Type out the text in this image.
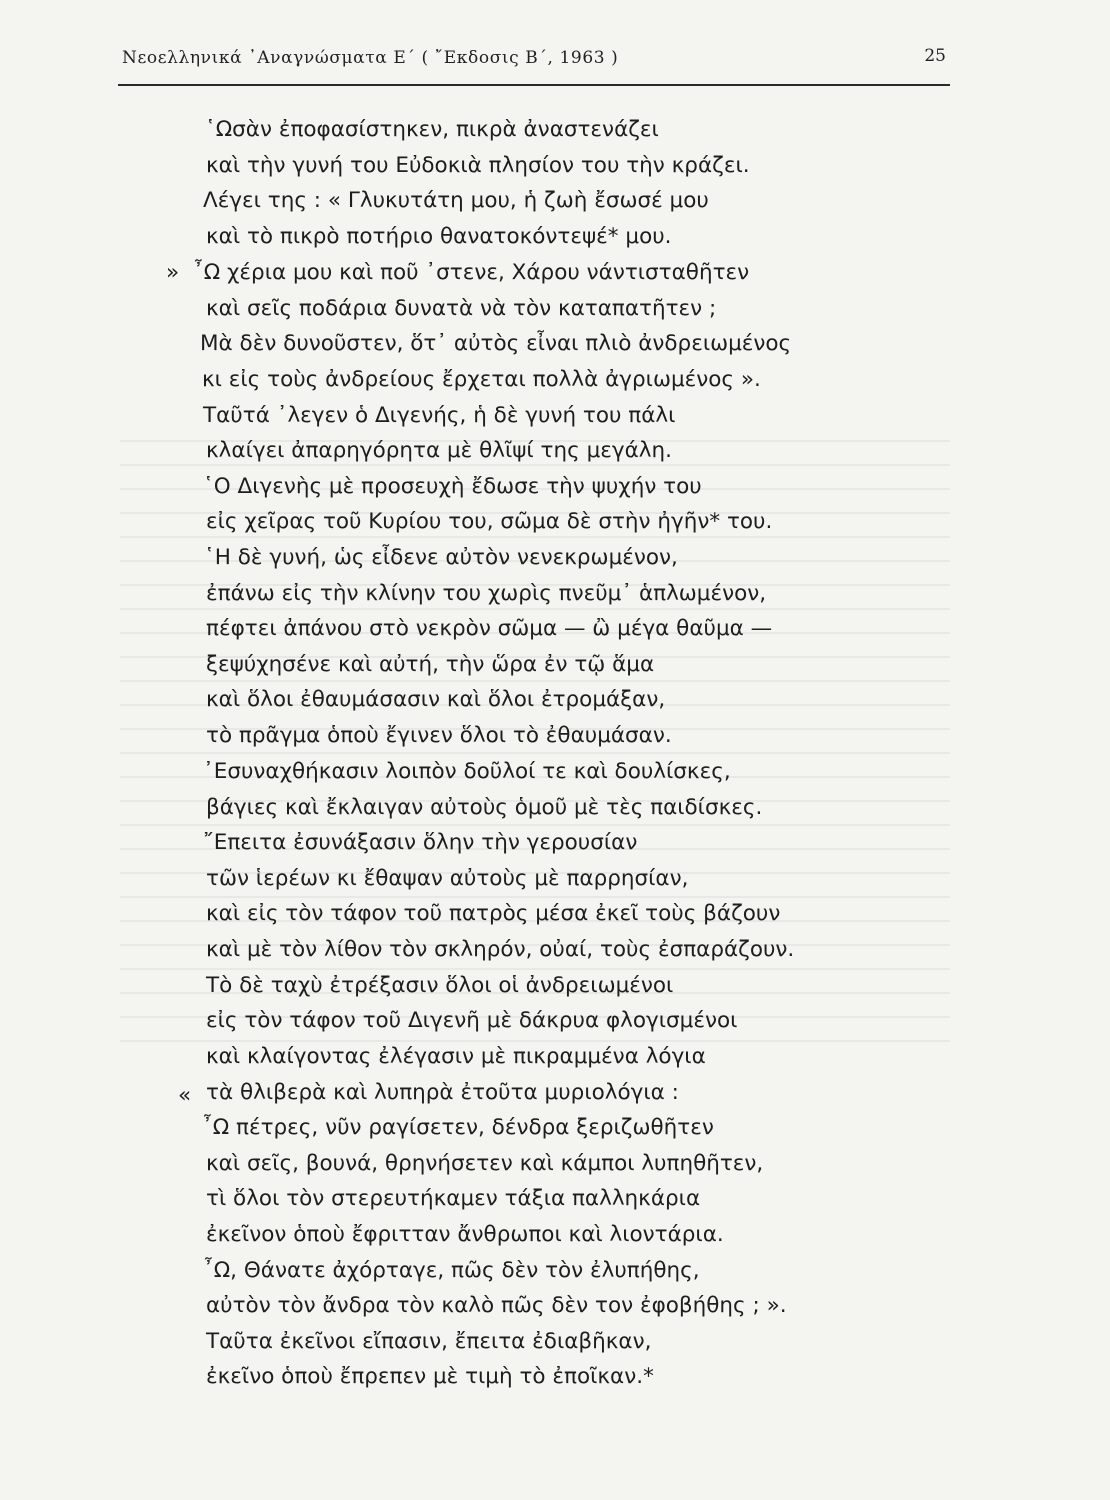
Νεοελληνικά ᾿Αναγνώσματα Ε΄ ( ῎Εκδοσις Β΄, 1963 )	25
»
«
῾Ωσὰν ἐποφασίστηκεν, πικρὰ ἀναστενάζει
καὶ τὴν γυνή του Εὐδοκιὰ πλησίον του τὴν κράζει.
Λέγει της : « Γλυκυτάτη μου, ἡ ζωὴ ἔσωσέ μου
καὶ τὸ πικρὸ ποτήριο θανατοκόντεψέ* μου.
῏Ω χέρια μου καὶ ποῦ ᾿στενε, Χάρου νάντισταθῆτεν
καὶ σεῖς ποδάρια δυνατὰ νὰ τὸν καταπατῆτεν ;
Μὰ δὲν δυνοῦστεν, ὅτ᾿ αὐτὸς εἶναι πλιὸ ἀνδρειωμένος
κι εἰς τοὺς ἀνδρείους ἔρχεται πολλὰ ἀγριωμένος ».
Ταῦτά ᾿λεγεν ὁ Διγενής, ἡ δὲ γυνή του πάλι
κλαίγει ἀπαρηγόρητα μὲ θλῖψί της μεγάλη.
῾Ο Διγενὴς μὲ προσευχὴ ἔδωσε τὴν ψυχήν του
εἰς χεῖρας τοῦ Κυρίου του, σῶμα δὲ στὴν ἠγῆν* του.
῾Η δὲ γυνή, ὡς εἶδενε αὐτὸν νενεκρωμένον,
ἐπάνω εἰς τὴν κλίνην του χωρὶς πνεῦμ᾿ ἁπλωμένον,
πέφτει ἀπάνου στὸ νεκρὸν σῶμα — ὢ μέγα θαῦμα —
ξεψύχησένε καὶ αὐτή, τὴν ὥρα ἐν τῷ ἅμα
καὶ ὅλοι ἐθαυμάσασιν καὶ ὅλοι ἐτρομάξαν,
τὸ πρᾶγμα ὁποὺ ἔγινεν ὅλοι τὸ ἐθαυμάσαν.
᾿Εσυναχθήκασιν λοιπὸν δοῦλοί τε καὶ δουλίσκες,
βάγιες καὶ ἔκλαιγαν αὐτοὺς ὁμοῦ μὲ τὲς παιδίσκες.
῎Επειτα ἐσυνάξασιν ὅλην τὴν γερουσίαν
τῶν ἱερέων κι ἔθαψαν αὐτοὺς μὲ παρρησίαν,
καὶ εἰς τὸν τάφον τοῦ πατρὸς μέσα ἐκεῖ τοὺς βάζουν
καὶ μὲ τὸν λίθον τὸν σκληρόν, οὐαί, τοὺς ἐσπαράζουν.
Τὸ δὲ ταχὺ ἐτρέξασιν ὅλοι οἱ ἀνδρειωμένοι
εἰς τὸν τάφον τοῦ Διγενῆ μὲ δάκρυα φλογισμένοι
καὶ κλαίγοντας ἐλέγασιν μὲ πικραμμένα λόγια
τὰ θλιβερὰ καὶ λυπηρὰ ἐτοῦτα μυριολόγια :
῏Ω πέτρες, νῦν ραγίσετεν, δένδρα ξεριζωθῆτεν
καὶ σεῖς, βουνά, θρηνήσετεν καὶ κάμποι λυπηθῆτεν,
τὶ ὅλοι τὸν στερευτήκαμεν τάξια παλληκάρια
ἐκεῖνον ὁποὺ ἔφριτταν ἄνθρωποι καὶ λιοντάρια.
῏Ω, Θάνατε ἀχόρταγε, πῶς δὲν τὸν ἐλυπήθης,
αὐτὸν τὸν ἄνδρα τὸν καλὸ πῶς δὲν τον ἐφοβήθης ; ».
Ταῦτα ἐκεῖνοι εἴπασιν, ἔπειτα ἐδιαβῆκαν,
ἐκεῖνο ὁποὺ ἔπρεπεν μὲ τιμὴ τὸ ἐποῖκαν.*
